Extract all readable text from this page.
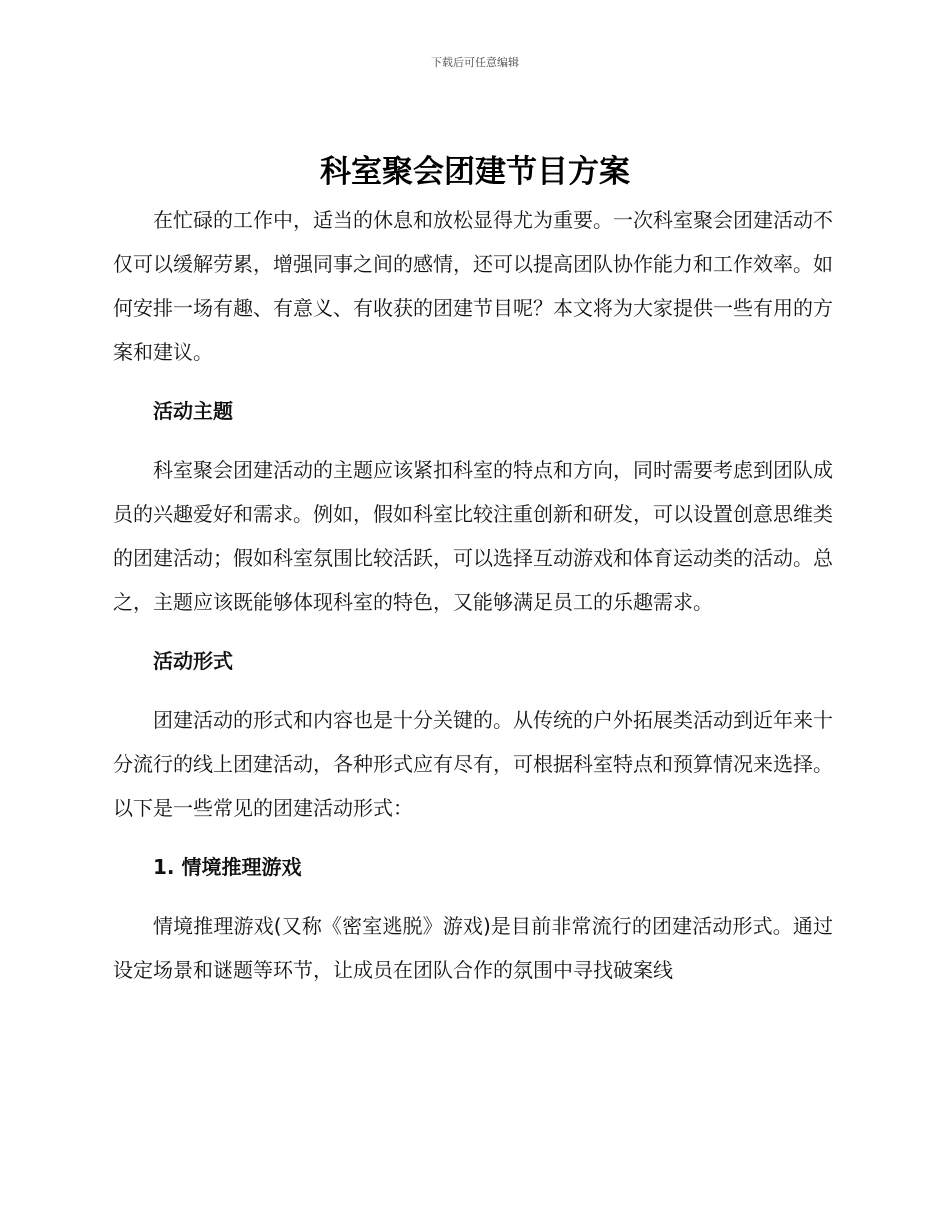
下载后可任意编辑
科室聚会团建节目方案

在忙碌的工作中，适当的休息和放松显得尤为重要。一次科室聚会团建活动不仅可以缓解劳累，增强同事之间的感情，还可以提高团队协作能力和工作效率。如何安排一场有趣、有意义、有收获的团建节目呢？本文将为大家提供一些有用的方案和建议。

活动主题

科室聚会团建活动的主题应该紧扣科室的特点和方向，同时需要考虑到团队成员的兴趣爱好和需求。例如，假如科室比较注重创新和研发，可以设置创意思维类的团建活动；假如科室氛围比较活跃，可以选择互动游戏和体育运动类的活动。总之，主题应该既能够体现科室的特色，又能够满足员工的乐趣需求。

活动形式

团建活动的形式和内容也是十分关键的。从传统的户外拓展类活动到近年来十分流行的线上团建活动，各种形式应有尽有，可根据科室特点和预算情况来选择。以下是一些常见的团建活动形式：

1. 情境推理游戏

情境推理游戏(又称《密室逃脱》游戏)是目前非常流行的团建活动形式。通过设定场景和谜题等环节，让成员在团队合作的氛围中寻找破案线
